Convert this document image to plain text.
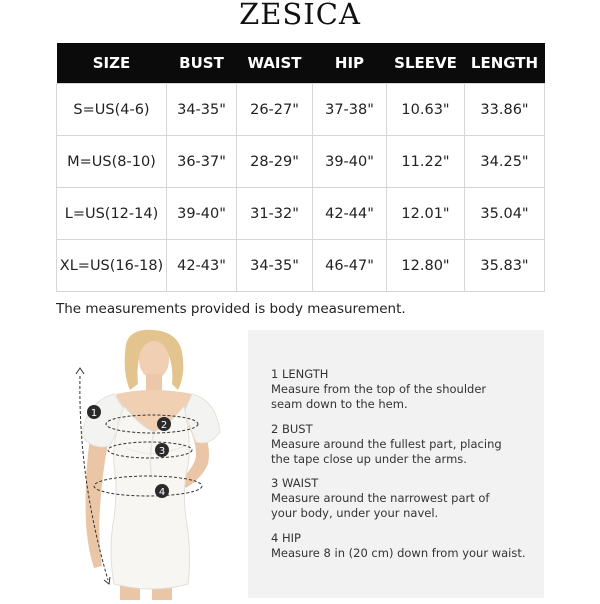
ZESICA
SIZE	BUST	WAIST	HIP	SLEEVE	LENGTH
S=US(4-6)	34-35"	26-27"	37-38"	10.63"	33.86"
M=US(8-10)	36-37"	28-29"	39-40"	11.22"	34.25"
L=US(12-14)	39-40"	31-32"	42-44"	12.01"	35.04"
XL=US(16-18)	42-43"	34-35"	46-47"	12.80"	35.83"
The measurements provided is body measurement.
1
2
3
4
1 LENGTH
Measure from the top of the shoulder
seam down to the hem.
2 BUST
Measure around the fullest part, placing
the tape close up under the arms.
3 WAIST
Measure around the narrowest part of
your body, under your navel.
4 HIP
Measure 8 in (20 cm) down from your waist.
